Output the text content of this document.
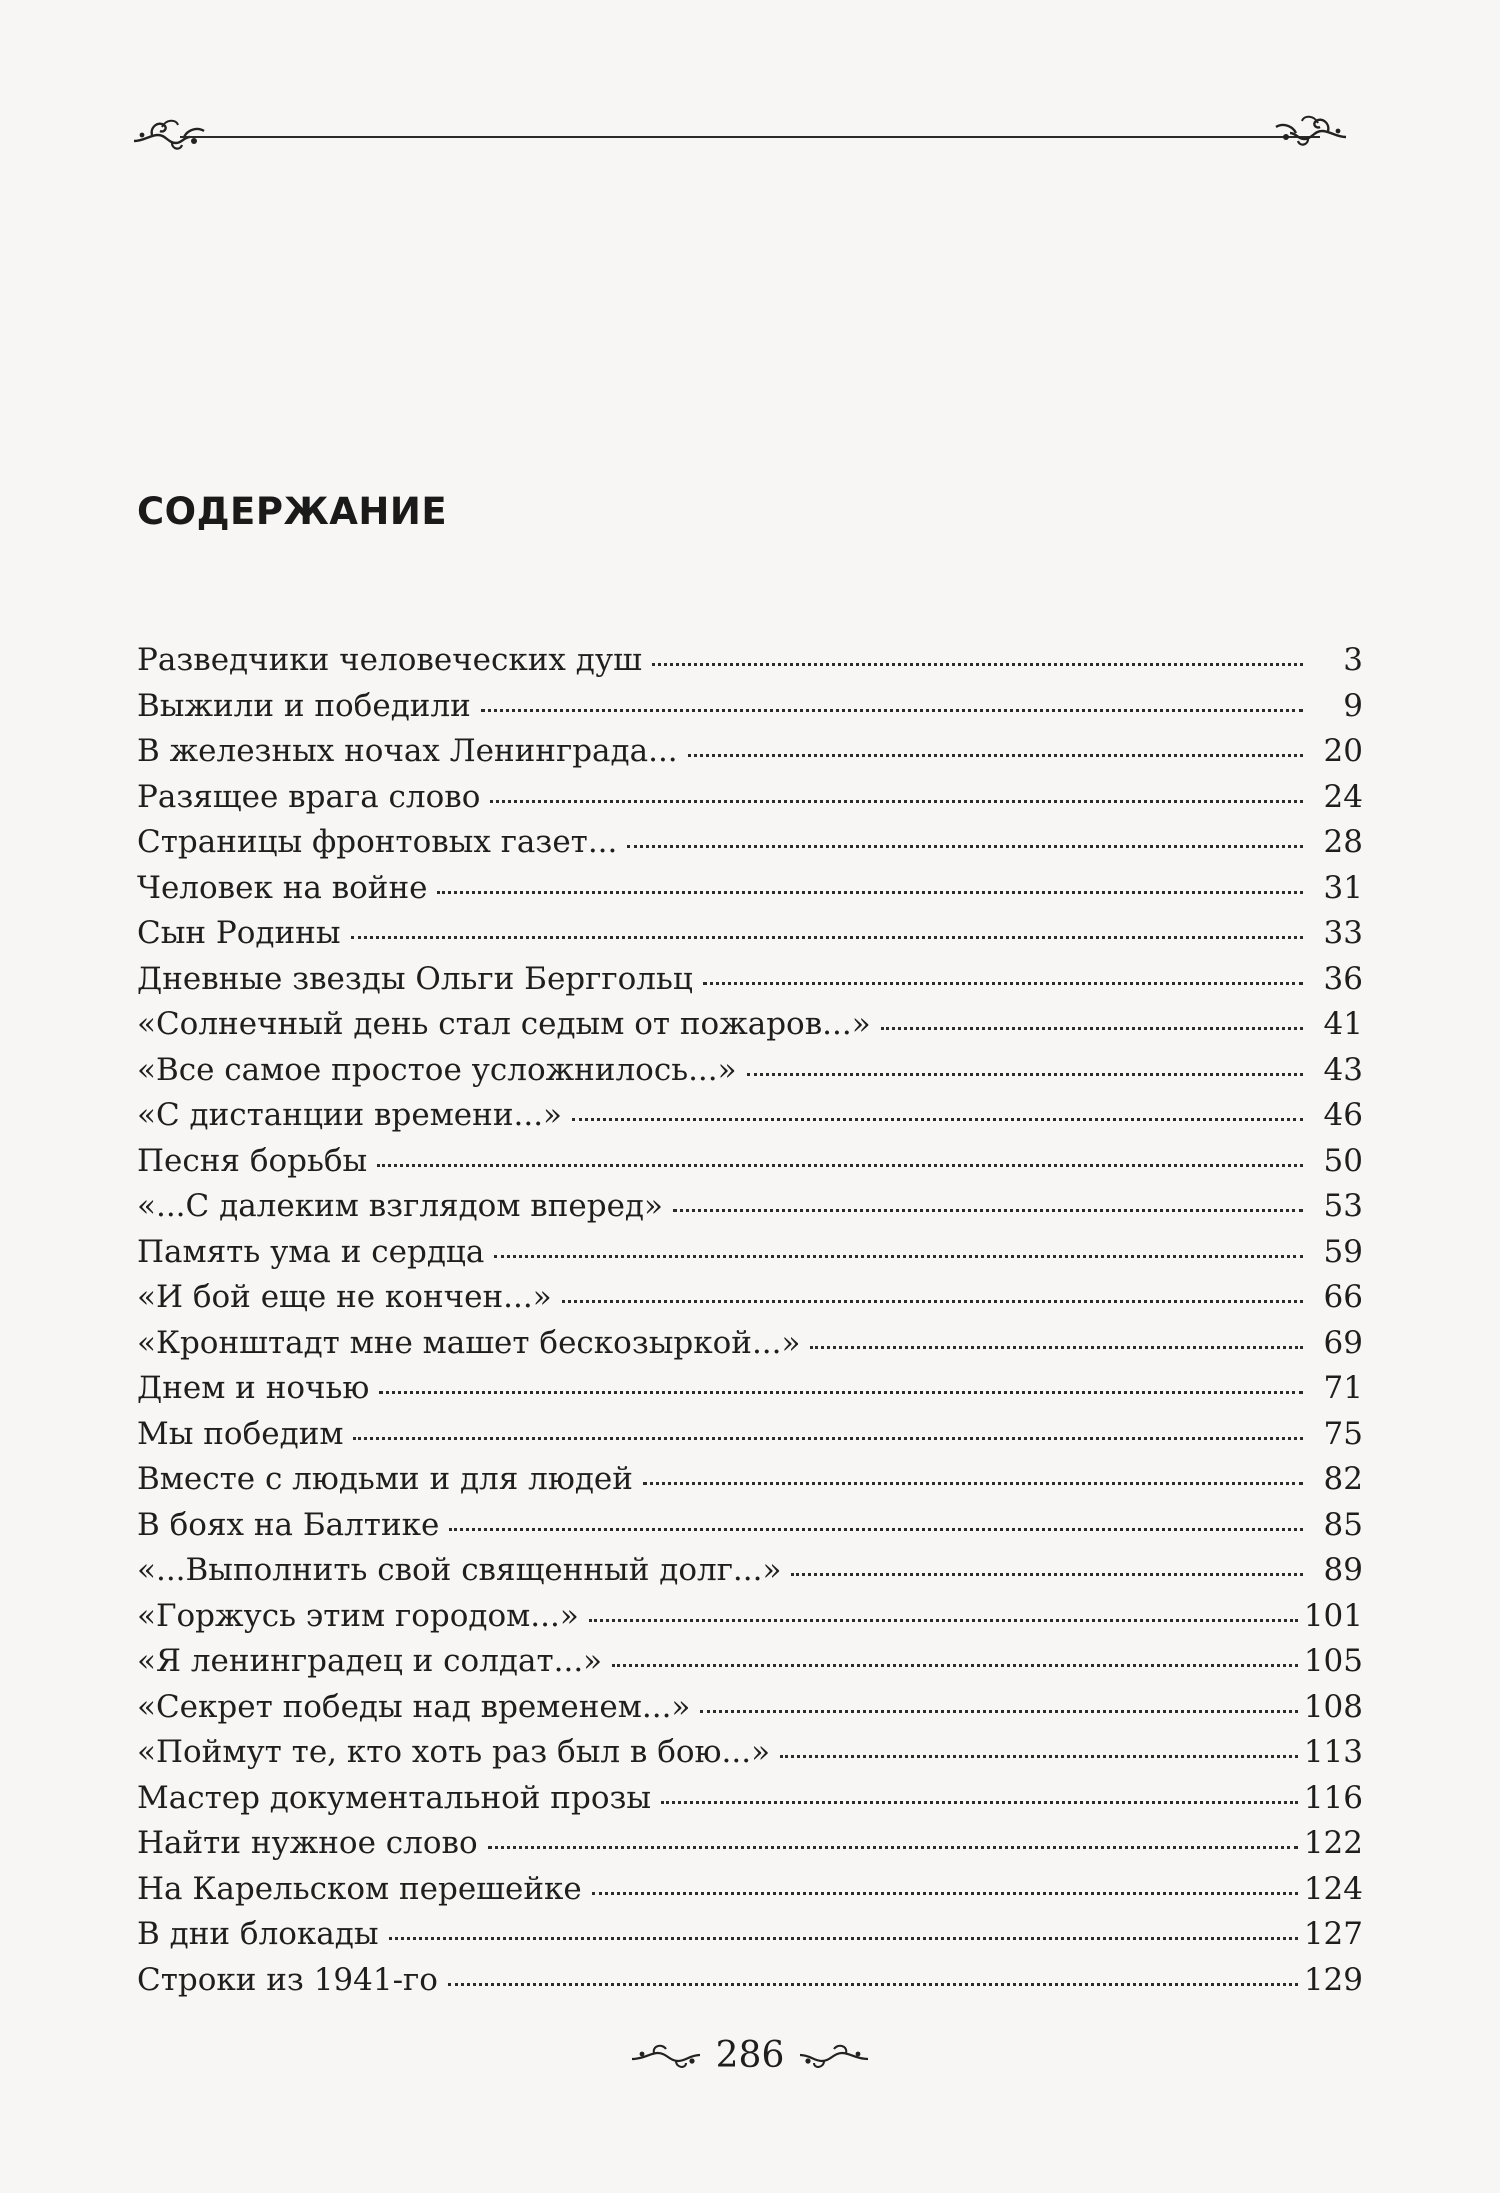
СОДЕРЖАНИЕ
Разведчики человеческих душ	3
Выжили и победили	9
В железных ночах Ленинграда...	20
Разящее врага слово	24
Страницы фронтовых газет...	28
Человек на войне	31
Сын Родины	33
Дневные звезды Ольги Берггольц	36
«Солнечный день стал седым от пожаров...»	41
«Все самое простое усложнилось...»	43
«С дистанции времени...»	46
Песня борьбы	50
«...С далеким взглядом вперед»	53
Память ума и сердца	59
«И бой еще не кончен...»	66
«Кронштадт мне машет бескозыркой...»	69
Днем и ночью	71
Мы победим	75
Вместе с людьми и для людей	82
В боях на Балтике	85
«...Выполнить свой священный долг...»	89
«Горжусь этим городом...»	101
«Я ленинградец и солдат...»	105
«Секрет победы над временем...»	108
«Поймут те, кто хоть раз был в бою...»	113
Мастер документальной прозы	116
Найти нужное слово	122
На Карельском перешейке	124
В дни блокады	127
Строки из 1941-го	129
286
